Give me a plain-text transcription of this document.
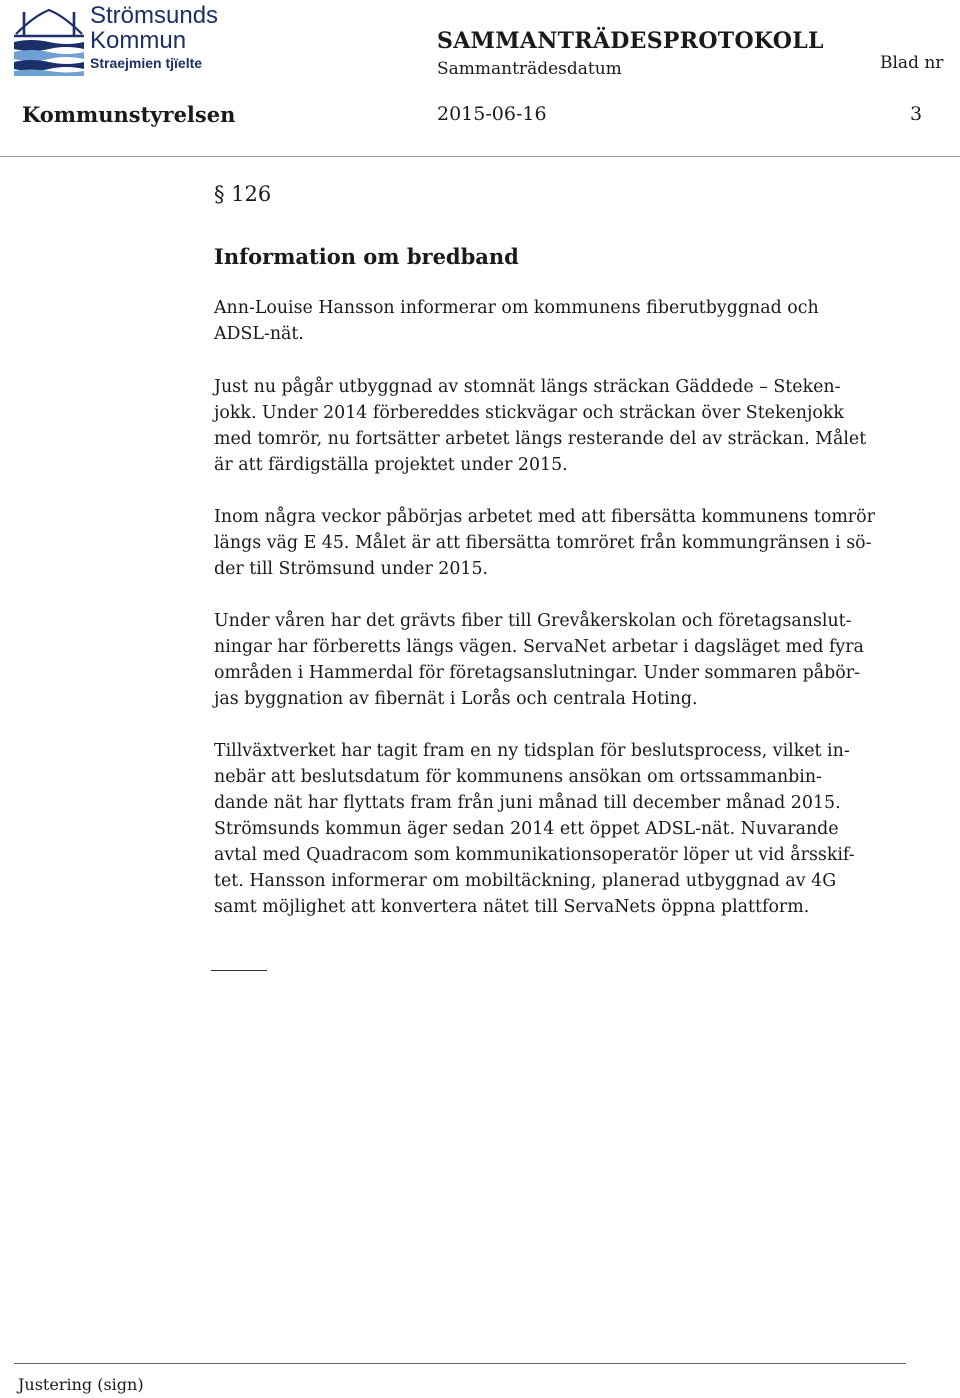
Strömsunds
Kommun
Straejmien tjïelte
SAMMANTRÄDESPROTOKOLL
Sammanträdesdatum	Blad nr
Kommunstyrelsen	2015-06-16	3
§ 126
Information om bredband

Ann-Louise Hansson informerar om kommunens fiberutbyggnad och
ADSL-nät.

Just nu pågår utbyggnad av stomnät längs sträckan Gäddede – Steken-
jokk. Under 2014 förbereddes stickvägar och sträckan över Stekenjokk
med tomrör, nu fortsätter arbetet längs resterande del av sträckan. Målet
är att färdigställa projektet under 2015.

Inom några veckor påbörjas arbetet med att fibersätta kommunens tomrör
längs väg E 45. Målet är att fibersätta tomröret från kommungränsen i sö-
der till Strömsund under 2015.

Under våren har det grävts fiber till Grevåkerskolan och företagsanslut-
ningar har förberetts längs vägen. ServaNet arbetar i dagsläget med fyra
områden i Hammerdal för företagsanslutningar. Under sommaren påbör-
jas byggnation av fibernät i Lorås och centrala Hoting.

Tillväxtverket har tagit fram en ny tidsplan för beslutsprocess, vilket in-
nebär att beslutsdatum för kommunens ansökan om ortssammanbin-
dande nät har flyttats fram från juni månad till december månad 2015.
Strömsunds kommun äger sedan 2014 ett öppet ADSL-nät. Nuvarande
avtal med Quadracom som kommunikationsoperatör löper ut vid årsskif-
tet. Hansson informerar om mobiltäckning, planerad utbyggnad av 4G
samt möjlighet att konvertera nätet till ServaNets öppna plattform.

Justering (sign)
